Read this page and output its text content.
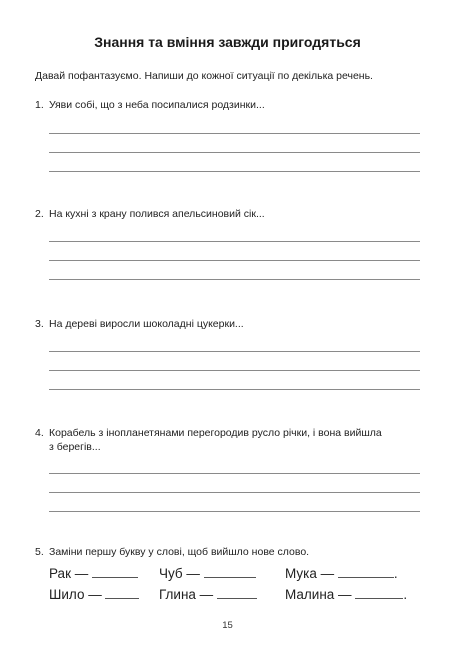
Знання та вміння завжди пригодяться
Давай пофантазуємо. Напиши до кожної ситуації по декілька речень.
1. Уяви собі, що з неба посипалися родзинки...
2. На кухні з крану полився апельсиновий сік...
3. На дереві виросли шоколадні цукерки...
4. Корабель з інопланетянами перегородив русло річки, і вона вийшла
з берегів...
5. Заміни першу букву у слові, щоб вийшло нове слово.
Рак —	Чуб —	Мука —	.
Шило —	Глина —	Малина —	.
15
